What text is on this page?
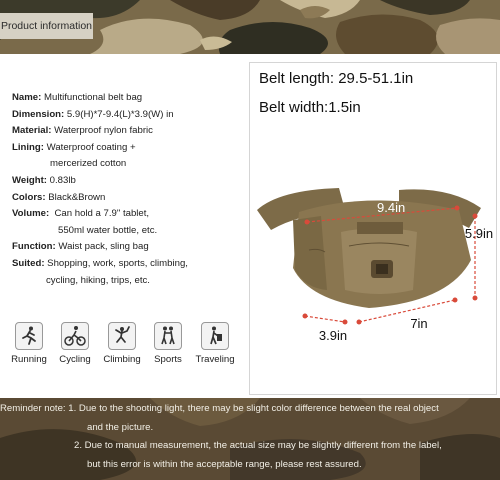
Product information
Name: Multifunctional belt bag
Dimension: 5.9(H)*7-9.4(L)*3.9(W) in
Material: Waterproof nylon fabric
Lining: Waterproof coating +
mercerized cotton
Weight: 0.83lb
Colors: Black&Brown
Volume: Can hold a 7.9" tablet,
550ml water bottle, etc.
Function: Waist pack, sling bag
Suited: Shopping, work, sports, climbing,
cycling, hiking, trips, etc.
Running	Cycling	Climbing	Sports	Traveling
Belt length: 29.5-51.1in
Belt width:1.5in
9.4in
5.9in
3.9in
7in
Reminder note: 1. Due to the shooting light, there may be slight color difference between the real object
and the picture.
2. Due to manual measurement, the actual size may be slightly different from the label,
but this error is within the acceptable range, please rest assured.
